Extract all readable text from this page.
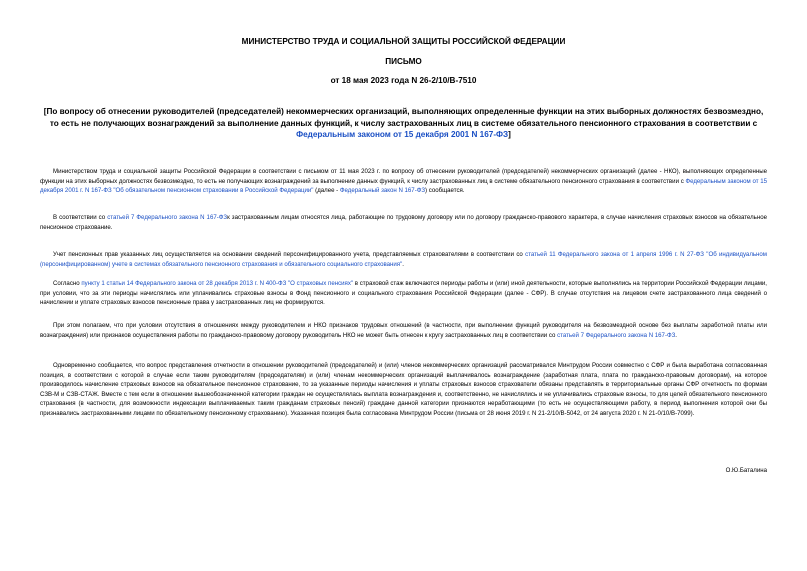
МИНИСТЕРСТВО ТРУДА И СОЦИАЛЬНОЙ ЗАЩИТЫ РОССИЙСКОЙ ФЕДЕРАЦИИ
ПИСЬМО
от 18 мая 2023 года N 26-2/10/В-7510
[По вопросу об отнесении руководителей (председателей) некоммерческих организаций, выполняющих определенные функции на этих выборных должностях безвозмездно, то есть не получающих вознаграждений за выполнение данных функций, к числу застрахованных лиц в системе обязательного пенсионного страхования в соответствии с Федеральным законом от 15 декабря 2001 N 167-ФЗ]
Министерством труда и социальной защиты Российской Федерации в соответствии с письмом от 11 мая 2023 г. по вопросу об отнесении руководителей (председателей) некоммерческих организаций (далее - НКО), выполняющих определенные функции на этих выборных должностях безвозмездно, то есть не получающих вознаграждений за выполнение данных функций, к числу застрахованных лиц в системе обязательного пенсионного страхования в соответствии с Федеральным законом от 15 декабря 2001 г. N 167-ФЗ "Об обязательном пенсионном страховании в Российской Федерации" (далее - Федеральный закон N 167-ФЗ) сообщается.
В соответствии со статьей 7 Федерального закона N 167-ФЗк застрахованным лицам относятся лица, работающие по трудовому договору или по договору гражданско-правового характера, в случае начисления страховых взносов на обязательное пенсионное страхование.
Учет пенсионных прав указанных лиц осуществляется на основании сведений персонифицированного учета, представляемых страхователями в соответствии со статьей 11 Федерального закона от 1 апреля 1996 г. N 27-ФЗ "Об индивидуальном (персонифицированном) учете в системах обязательного пенсионного страхования и обязательного социального страхования".
Согласно пункту 1 статьи 14 Федерального закона от 28 декабря 2013 г. N 400-ФЗ "О страховых пенсиях" в страховой стаж включаются периоды работы и (или) иной деятельности, которые выполнялись на территории Российской Федерации лицами, при условии, что за эти периоды начислялись или уплачивались страховые взносы в Фонд пенсионного и социального страхования Российской Федерации (далее - СФР). В случае отсутствия на лицевом счете застрахованного лица сведений о начислении и уплате страховых взносов пенсионные права у застрахованных лиц не формируются.
При этом полагаем, что при условии отсутствия в отношениях между руководителем и НКО признаков трудовых отношений (в частности, при выполнении функций руководителя на безвозмездной основе без выплаты заработной платы или вознаграждения) или признаков осуществления работы по гражданско-правовому договору руководитель НКО не может быть отнесен к кругу застрахованных лиц в соответствии со статьей 7 Федерального закона N 167-ФЗ.
Одновременно сообщается, что вопрос представления отчетности в отношении руководителей (председателей) и (или) членов некоммерческих организаций рассматривался Минтрудом России совместно с СФР и была выработана согласованная позиция, в соответствии с которой в случае если таким руководителям (председателям) и (или) членам некоммерческих организаций выплачивалось вознаграждение (заработная плата, плата по гражданско-правовым договорам), на которое производилось начисление страховых взносов на обязательное пенсионное страхование, то за указанные периоды начисления и уплаты страховых взносов страхователи обязаны представлять в территориальные органы СФР отчетность по формам СЗВ-М и СЗВ-СТАЖ. Вместе с тем если в отношении вышеобозначенной категории граждан не осуществлялась выплата вознаграждения и, соответственно, не начислялись и не уплачивались страховые взносы, то для целей обязательного пенсионного страхования (в частности, для возможности индексации выплачиваемых таким гражданам страховых пенсий) граждане данной категории признаются неработающими (то есть не осуществляющими работу, в период выполнения которой они бы признавались застрахованными лицами по обязательному пенсионному страхованию). Указанная позиция была согласована Минтрудом России (письма от 28 июня 2019 г. N 21-2/10/В-5042, от 24 августа 2020 г. N 21-0/10/В-7099).
О.Ю.Баталина
